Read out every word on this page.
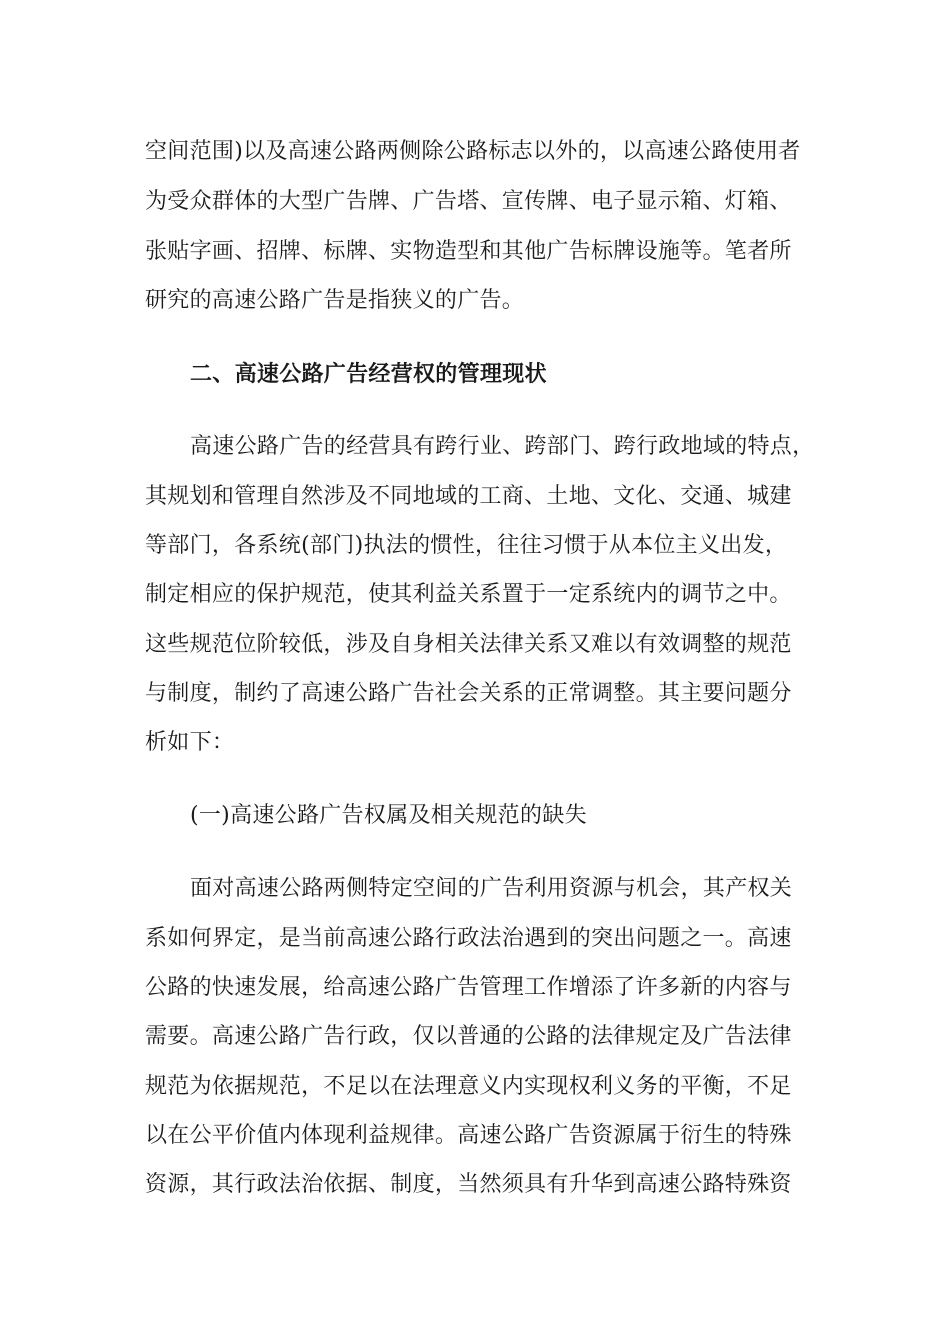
空间范围)以及高速公路两侧除公路标志以外的，以高速公路使用者
为受众群体的大型广告牌、广告塔、宣传牌、电子显示箱、灯箱、
张贴字画、招牌、标牌、实物造型和其他广告标牌设施等。笔者所
研究的高速公路广告是指狭义的广告。
二、高速公路广告经营权的管理现状
高速公路广告的经营具有跨行业、跨部门、跨行政地域的特点，
其规划和管理自然涉及不同地域的工商、土地、文化、交通、城建
等部门，各系统(部门)执法的惯性，往往习惯于从本位主义出发，
制定相应的保护规范，使其利益关系置于一定系统内的调节之中。
这些规范位阶较低，涉及自身相关法律关系又难以有效调整的规范
与制度，制约了高速公路广告社会关系的正常调整。其主要问题分
析如下：
(一)高速公路广告权属及相关规范的缺失
面对高速公路两侧特定空间的广告利用资源与机会，其产权关
系如何界定，是当前高速公路行政法治遇到的突出问题之一。高速
公路的快速发展，给高速公路广告管理工作增添了许多新的内容与
需要。高速公路广告行政，仅以普通的公路的法律规定及广告法律
规范为依据规范，不足以在法理意义内实现权利义务的平衡，不足
以在公平价值内体现利益规律。高速公路广告资源属于衍生的特殊
资源，其行政法治依据、制度，当然须具有升华到高速公路特殊资
